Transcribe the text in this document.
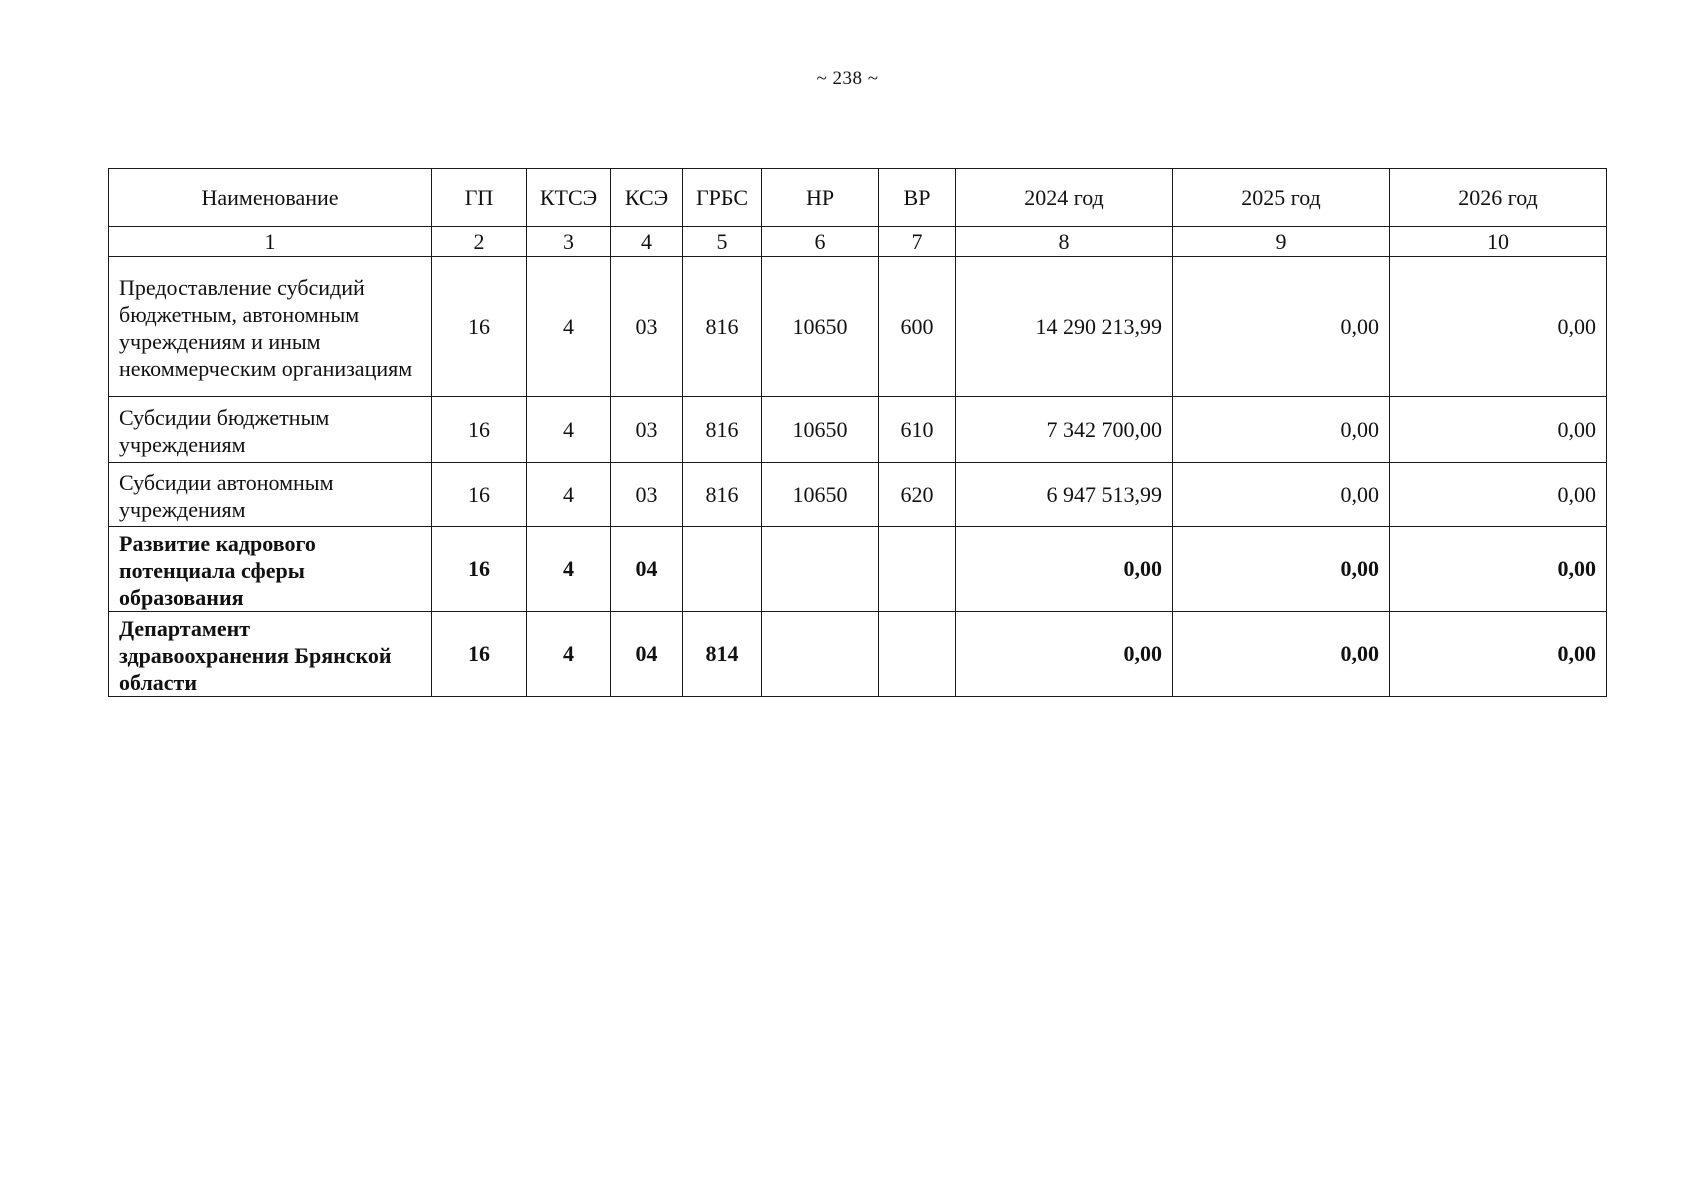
~ 238 ~
Наименование	ГП	КТСЭ	КСЭ	ГРБС	НР	ВР	2024 год	2025 год	2026 год
1	2	3	4	5	6	7	8	9	10
Предоставление субсидий бюджетным, автономным учреждениям и иным некоммерческим организациям	16	4	03	816	10650	600	14 290 213,99	0,00	0,00
Субсидии бюджетным учреждениям	16	4	03	816	10650	610	7 342 700,00	0,00	0,00
Субсидии автономным учреждениям	16	4	03	816	10650	620	6 947 513,99	0,00	0,00
Развитие кадрового потенциала сферы образования	16	4	04				0,00	0,00	0,00
Департамент здравоохранения Брянской области	16	4	04	814			0,00	0,00	0,00
